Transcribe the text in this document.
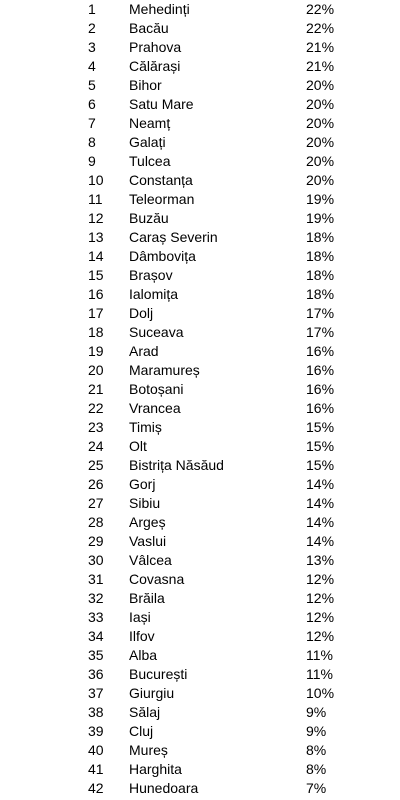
1 Mehedinți	22%
2 Bacău	22%
3 Prahova	21%
4 Călărași	21%
5 Bihor	20%
6 Satu Mare	20%
7 Neamț	20%
8 Galați	20%
9 Tulcea	20%
10 Constanța	20%
11 Teleorman	19%
12 Buzău	19%
13 Caraș Severin	18%
14 Dâmbovița	18%
15 Brașov	18%
16 Ialomița	18%
17 Dolj	17%
18 Suceava	17%
19 Arad	16%
20 Maramureș	16%
21 Botoșani	16%
22 Vrancea	16%
23 Timiș	15%
24 Olt	15%
25 Bistrița Năsăud	15%
26 Gorj	14%
27 Sibiu	14%
28 Argeș	14%
29 Vaslui	14%
30 Vâlcea	13%
31 Covasna	12%
32 Brăila	12%
33 Iași	12%
34 Ilfov	12%
35 Alba	11%
36 București	11%
37 Giurgiu	10%
38 Sălaj	9%
39 Cluj	9%
40 Mureș	8%
41 Harghita	8%
42 Hunedoara	7%
